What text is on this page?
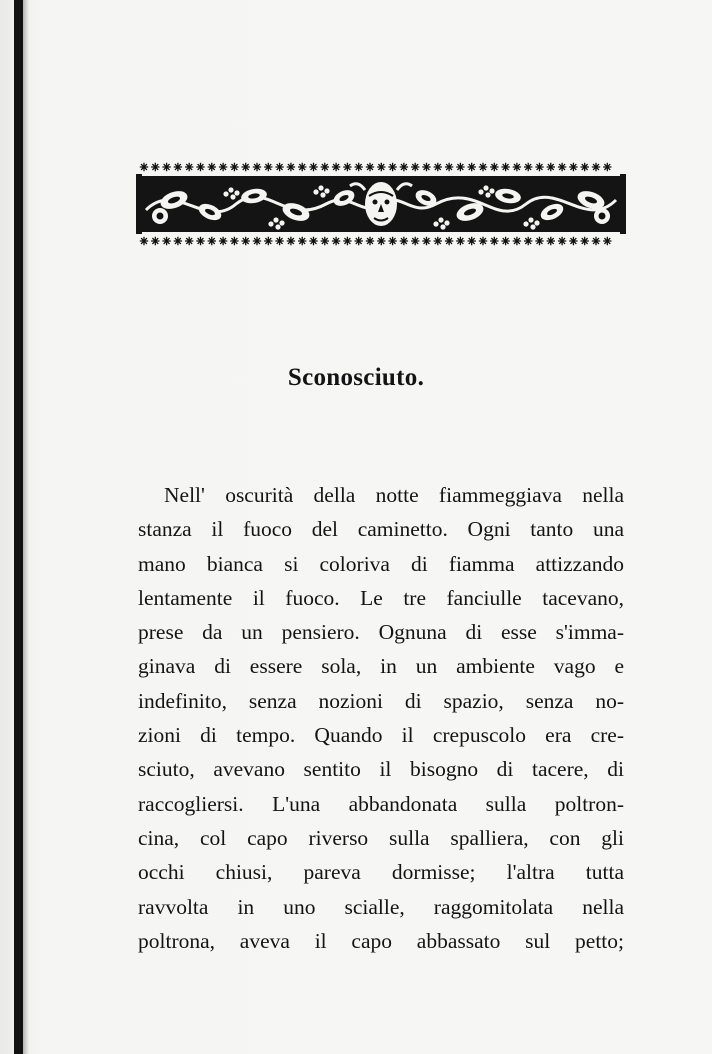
Sconosciuto.
Nell' oscurità della notte fiammeggiava nella
stanza il fuoco del caminetto. Ogni tanto una
mano bianca si coloriva di fiamma attizzando
lentamente il fuoco. Le tre fanciulle tacevano,
prese da un pensiero. Ognuna di esse s'imma-
ginava di essere sola, in un ambiente vago e
indefinito, senza nozioni di spazio, senza no-
zioni di tempo. Quando il crepuscolo era cre-
sciuto, avevano sentito il bisogno di tacere, di
raccogliersi. L'una abbandonata sulla poltron-
cina, col capo riverso sulla spalliera, con gli
occhi chiusi, pareva dormisse; l'altra tutta
ravvolta in uno scialle, raggomitolata nella
poltrona, aveva il capo abbassato sul petto;
